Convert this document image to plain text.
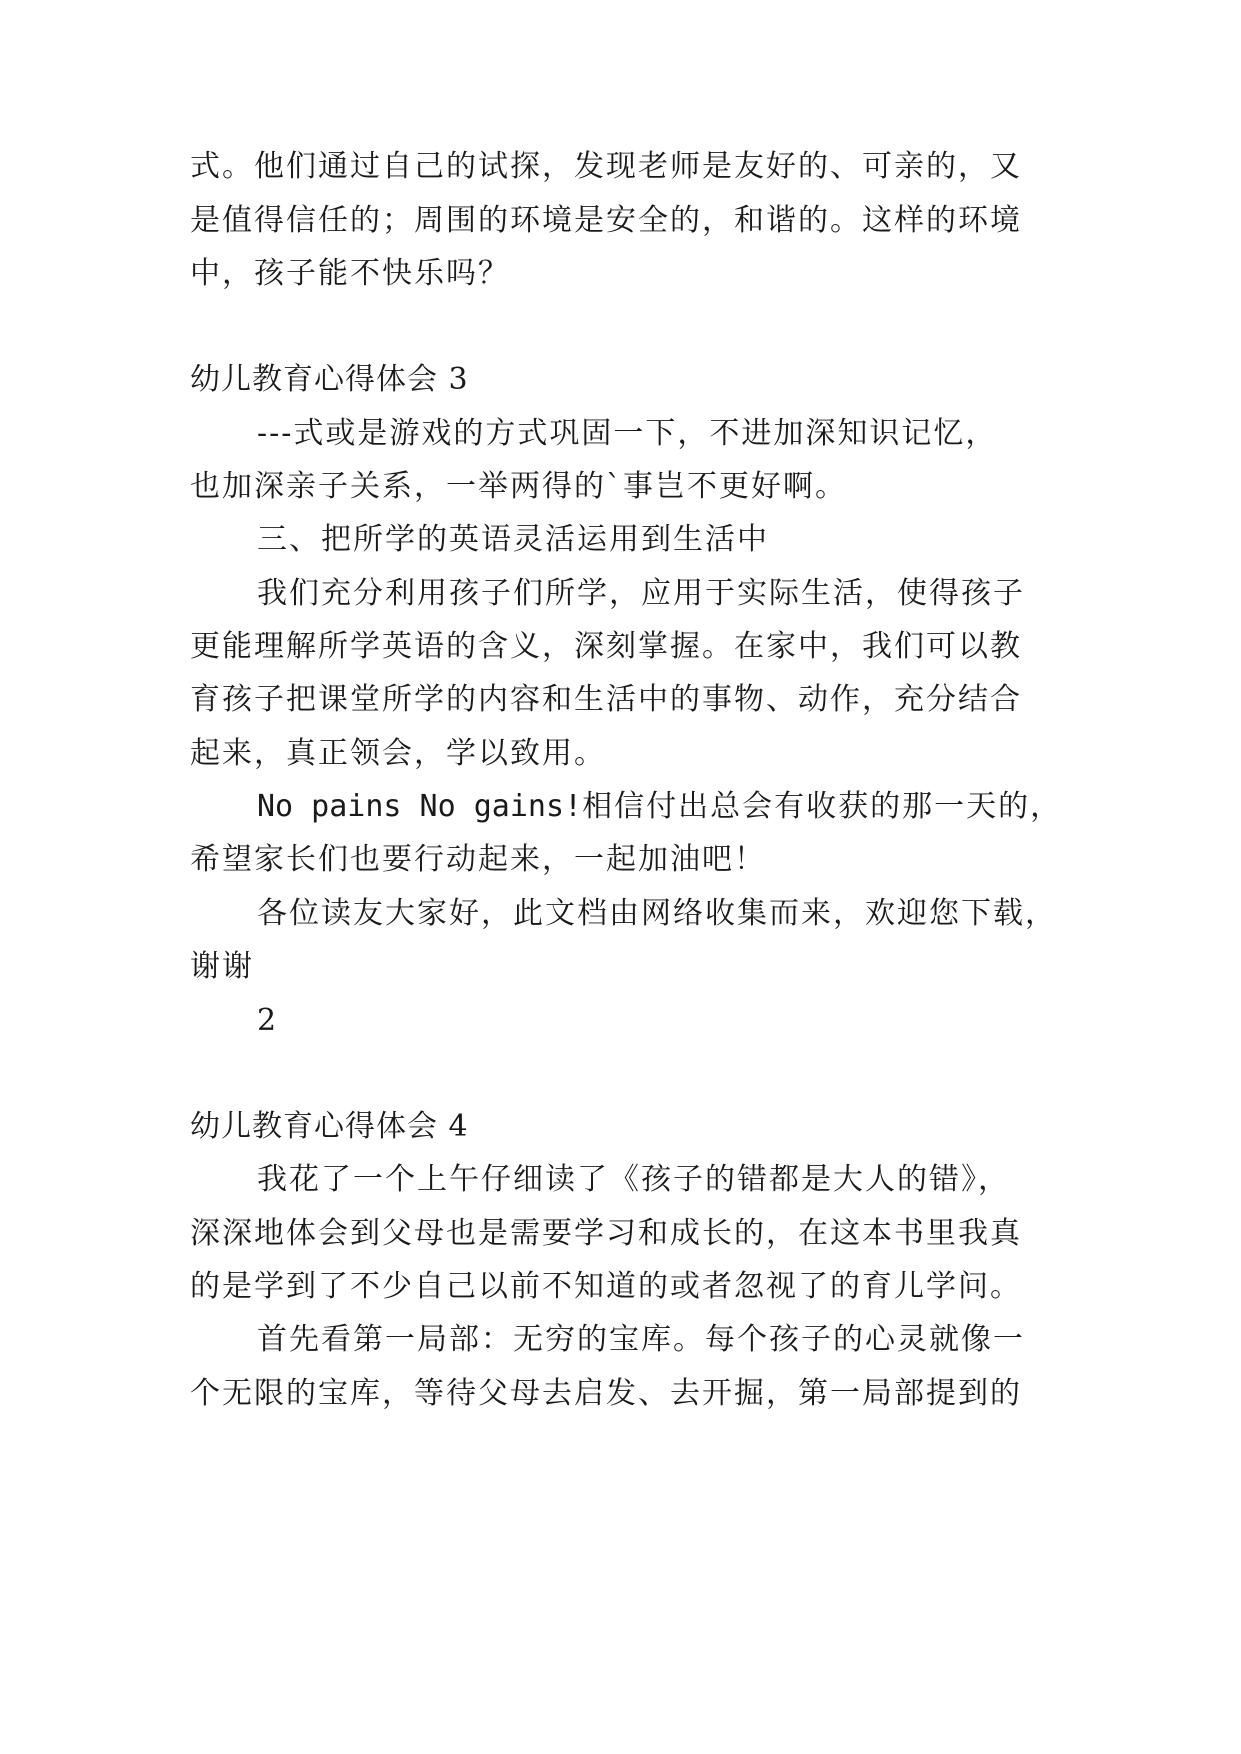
式。他们通过自己的试探，发现老师是友好的、可亲的，又
是值得信任的；周围的环境是安全的，和谐的。这样的环境
中，孩子能不快乐吗？
幼儿教育心得体会 3
---式或是游戏的方式巩固一下，不进加深知识记忆，
也加深亲子关系，一举两得的`事岂不更好啊。
三、把所学的英语灵活运用到生活中
我们充分利用孩子们所学，应用于实际生活，使得孩子
更能理解所学英语的含义，深刻掌握。在家中，我们可以教
育孩子把课堂所学的内容和生活中的事物、动作，充分结合
起来，真正领会，学以致用。
No pains No gains!相信付出总会有收获的那一天的，
希望家长们也要行动起来，一起加油吧！
各位读友大家好，此文档由网络收集而来，欢迎您下载，
谢谢
2
幼儿教育心得体会 4
我花了一个上午仔细读了《孩子的错都是大人的错》，
深深地体会到父母也是需要学习和成长的，在这本书里我真
的是学到了不少自己以前不知道的或者忽视了的育儿学问。
首先看第一局部：无穷的宝库。每个孩子的心灵就像一
个无限的宝库，等待父母去启发、去开掘，第一局部提到的
